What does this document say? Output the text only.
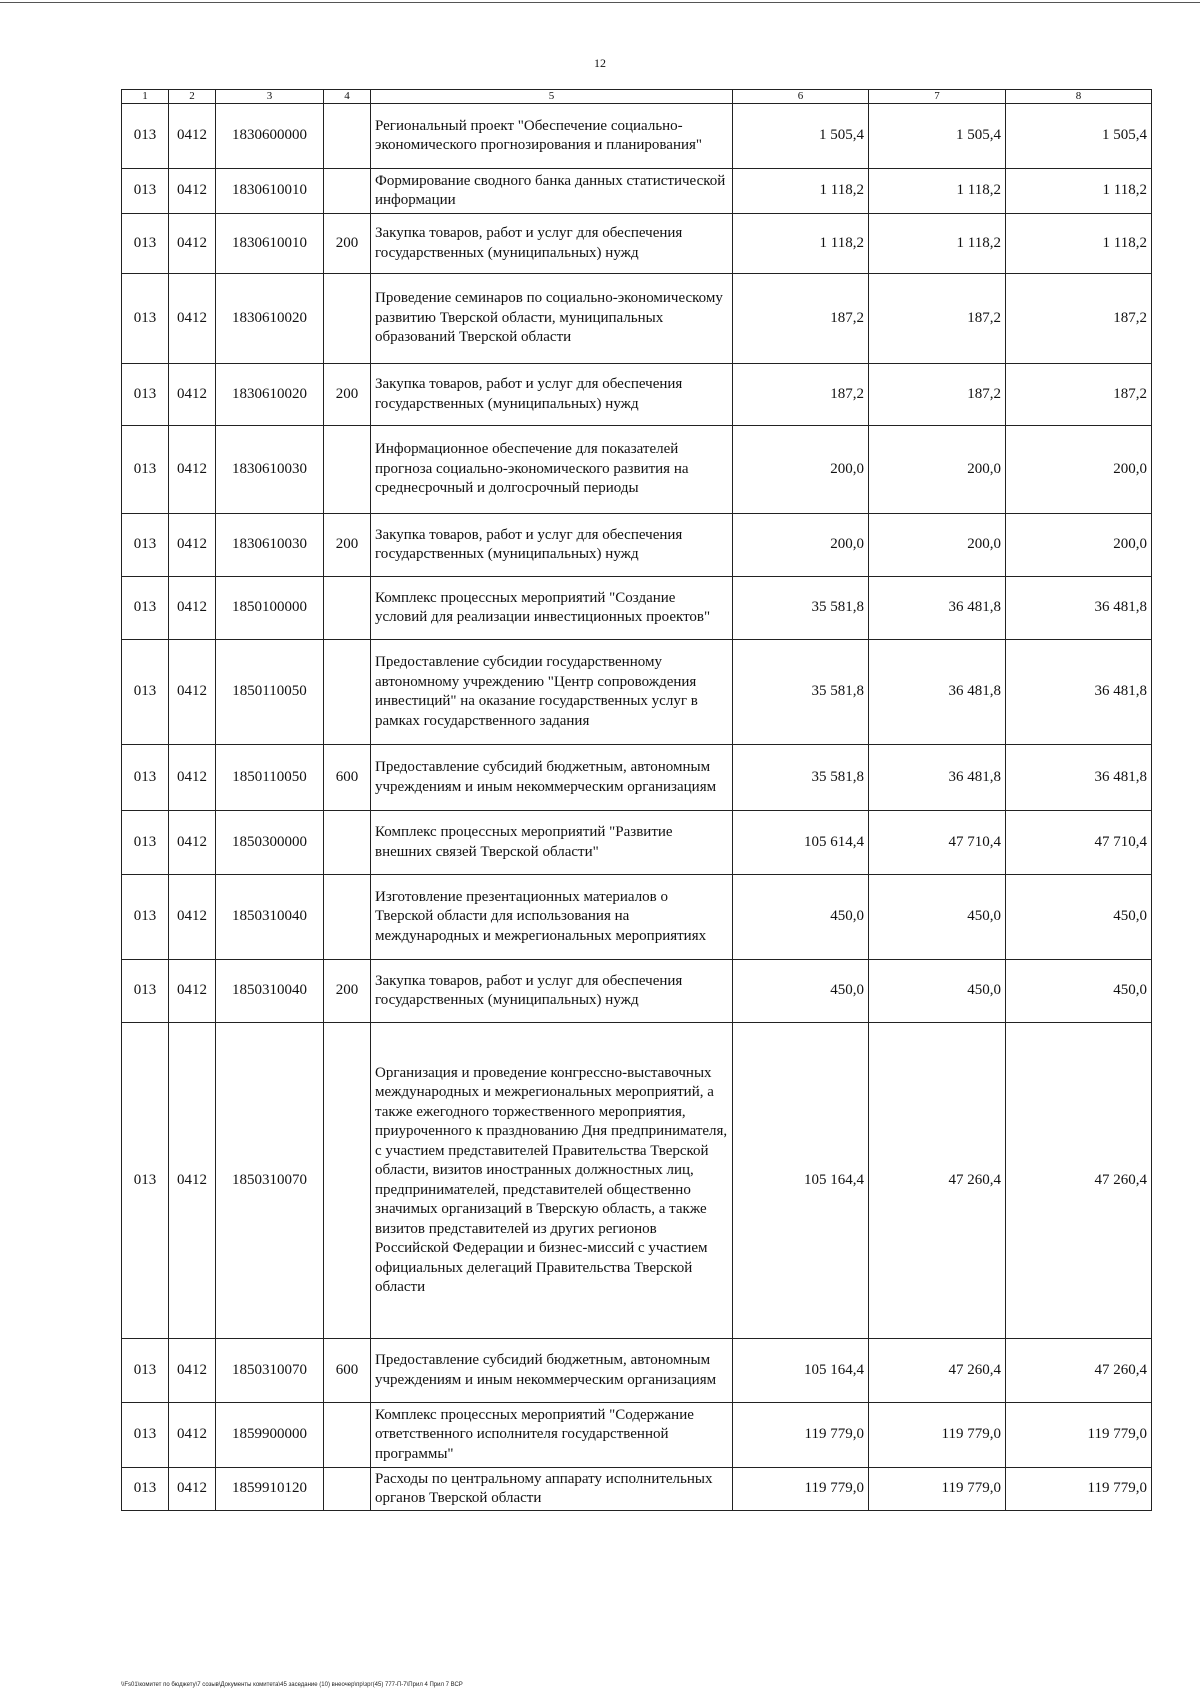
12
1	2	3	4	5	6	7	8
013	0412	1830600000		Региональный проект "Обеспечение социально-экономического прогнозирования и планирования"	1 505,4	1 505,4	1 505,4
013	0412	1830610010		Формирование сводного банка данных статистической информации	1 118,2	1 118,2	1 118,2
013	0412	1830610010	200	Закупка товаров, работ и услуг для обеспечения государственных (муниципальных) нужд	1 118,2	1 118,2	1 118,2
013	0412	1830610020		Проведение семинаров по социально-экономическому развитию Тверской области, муниципальных образований Тверской области	187,2	187,2	187,2
013	0412	1830610020	200	Закупка товаров, работ и услуг для обеспечения государственных (муниципальных) нужд	187,2	187,2	187,2
013	0412	1830610030		Информационное обеспечение для показателей прогноза социально-экономического развития на среднесрочный и долгосрочный периоды	200,0	200,0	200,0
013	0412	1830610030	200	Закупка товаров, работ и услуг для обеспечения государственных (муниципальных) нужд	200,0	200,0	200,0
013	0412	1850100000		Комплекс процессных мероприятий "Создание условий для реализации инвестиционных проектов"	35 581,8	36 481,8	36 481,8
013	0412	1850110050		Предоставление субсидии государственному автономному учреждению "Центр сопровождения инвестиций" на оказание государственных услуг в рамках государственного задания	35 581,8	36 481,8	36 481,8
013	0412	1850110050	600	Предоставление субсидий бюджетным, автономным учреждениям и иным некоммерческим организациям	35 581,8	36 481,8	36 481,8
013	0412	1850300000		Комплекс процессных мероприятий "Развитие внешних связей Тверской области"	105 614,4	47 710,4	47 710,4
013	0412	1850310040		Изготовление презентационных материалов о Тверской области для использования на международных и межрегиональных мероприятиях	450,0	450,0	450,0
013	0412	1850310040	200	Закупка товаров, работ и услуг для обеспечения государственных (муниципальных) нужд	450,0	450,0	450,0
013	0412	1850310070		Организация и проведение конгрессно-выставочных международных и межрегиональных мероприятий, а также ежегодного торжественного мероприятия, приуроченного к празднованию Дня предпринимателя, с участием представителей Правительства Тверской области, визитов иностранных должностных лиц, предпринимателей, представителей общественно значимых организаций в Тверскую область, а также визитов представителей из других регионов Российской Федерации и бизнес-миссий с участием официальных делегаций Правительства Тверской области	105 164,4	47 260,4	47 260,4
013	0412	1850310070	600	Предоставление субсидий бюджетным, автономным учреждениям и иным некоммерческим организациям	105 164,4	47 260,4	47 260,4
013	0412	1859900000		Комплекс процессных мероприятий "Содержание ответственного исполнителя государственной программы"	119 779,0	119 779,0	119 779,0
013	0412	1859910120		Расходы по центральному аппарату исполнительных органов Тверской области	119 779,0	119 779,0	119 779,0
\\Fs01\комитет по бюджету\7 созыв\Документы комитета\45 заседание (10) внеочер\пр\зрг(45) 777-П-7\Прил 4 Прил 7 ВСР
